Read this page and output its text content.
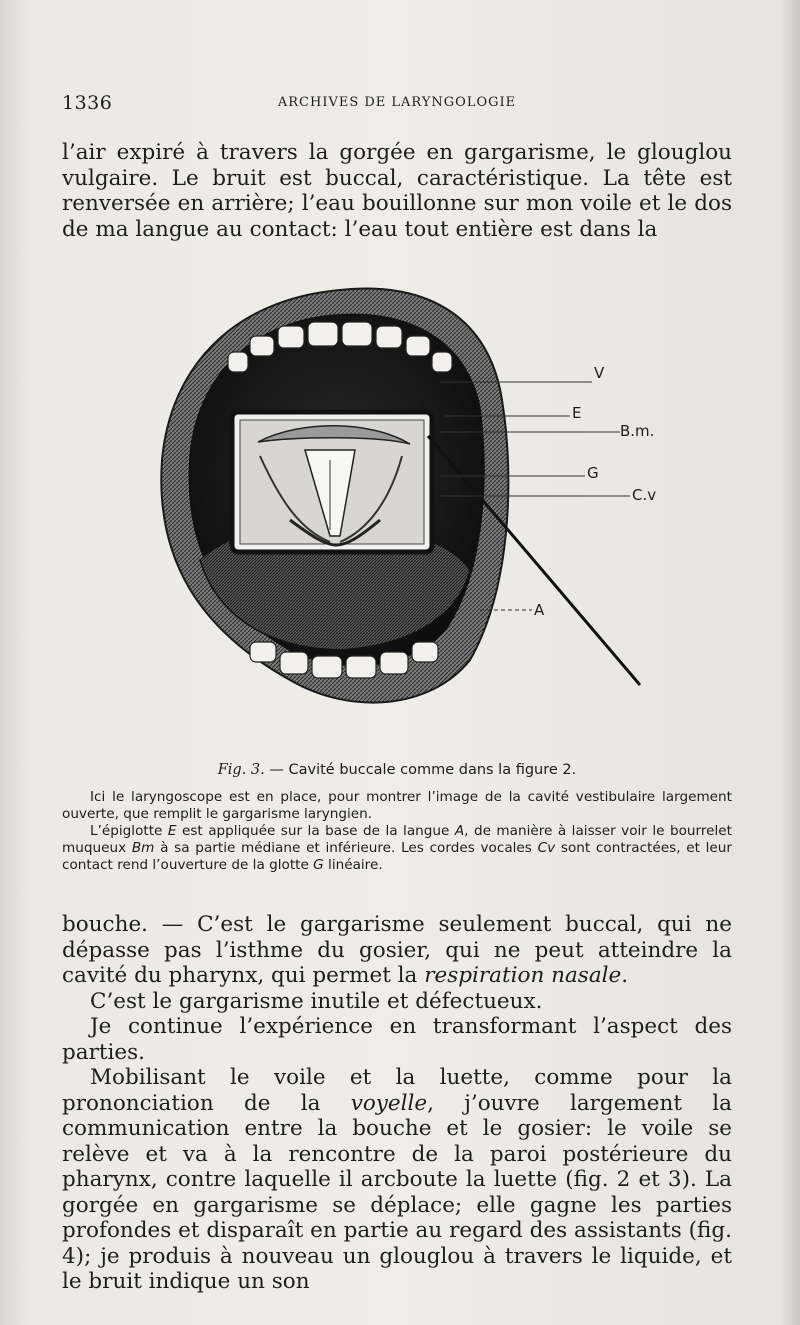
1336	ARCHIVES DE LARYNGOLOGIE

l’air expiré à travers la gorgée en gargarisme, le glouglou vulgaire. Le bruit est buccal, caractéristique. La tête est renversée en arrière; l’eau bouillonne sur mon voile et le dos de ma langue au contact: l’eau tout entière est dans la

V
E
B.m.
G
C.v
A

Fig. 3. — Cavité buccale comme dans la figure 2.

Ici le laryngoscope est en place, pour montrer l’image de la cavité vestibulaire largement ouverte, que remplit le gargarisme laryngien.

L’épiglotte E est appliquée sur la base de la langue A, de manière à laisser voir le bourrelet muqueux Bm à sa partie médiane et inférieure. Les cordes vocales Cv sont contractées, et leur contact rend l’ouverture de la glotte G linéaire.

bouche. — C’est le gargarisme seulement buccal, qui ne dépasse pas l’isthme du gosier, qui ne peut atteindre la cavité du pharynx, qui permet la respiration nasale.

C’est le gargarisme inutile et défectueux.

Je continue l’expérience en transformant l’aspect des parties.

Mobilisant le voile et la luette, comme pour la prononciation de la voyelle, j’ouvre largement la communication entre la bouche et le gosier: le voile se relève et va à la rencontre de la paroi postérieure du pharynx, contre laquelle il arcboute la luette (fig. 2 et 3). La gorgée en gargarisme se déplace; elle gagne les parties profondes et disparaît en partie au regard des assistants (fig. 4); je produis à nouveau un glouglou à travers le liquide, et le bruit indique un son
